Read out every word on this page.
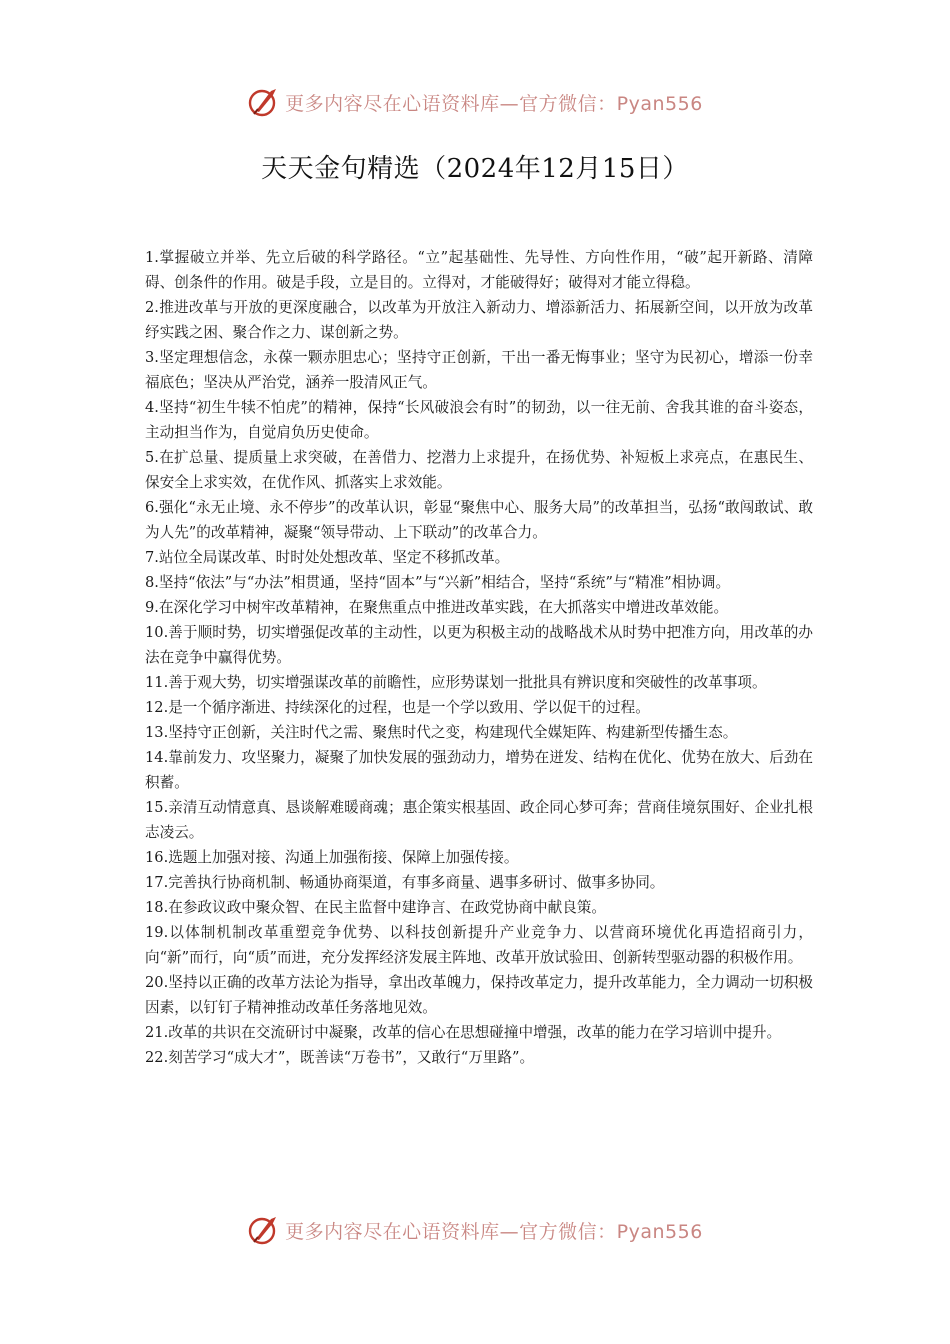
更多内容尽在心语资料库—官方微信：Pyan556
天天金句精选（2024年12月15日）

1.掌握破立并举、先立后破的科学路径。“立”起基础性、先导性、方向性作用，“破”起开新路、清障碍、创条件的作用。破是手段，立是目的。立得对，才能破得好；破得对才能立得稳。

2.推进改革与开放的更深度融合，以改革为开放注入新动力、增添新活力、拓展新空间，以开放为改革纾实践之困、聚合作之力、谋创新之势。

3.坚定理想信念，永葆一颗赤胆忠心；坚持守正创新，干出一番无悔事业；坚守为民初心，增添一份幸福底色；坚决从严治党，涵养一股清风正气。

4.坚持“初生牛犊不怕虎”的精神，保持“长风破浪会有时”的韧劲，以一往无前、舍我其谁的奋斗姿态，主动担当作为，自觉肩负历史使命。

5.在扩总量、提质量上求突破，在善借力、挖潜力上求提升，在扬优势、补短板上求亮点，在惠民生、保安全上求实效，在优作风、抓落实上求效能。

6.强化“永无止境、永不停步”的改革认识，彰显“聚焦中心、服务大局”的改革担当，弘扬“敢闯敢试、敢为人先”的改革精神，凝聚“领导带动、上下联动”的改革合力。

7.站位全局谋改革、时时处处想改革、坚定不移抓改革。

8.坚持“依法”与“办法”相贯通，坚持“固本”与“兴新”相结合，坚持“系统”与“精准”相协调。

9.在深化学习中树牢改革精神，在聚焦重点中推进改革实践，在大抓落实中增进改革效能。

10.善于顺时势，切实增强促改革的主动性，以更为积极主动的战略战术从时势中把准方向，用改革的办法在竞争中赢得优势。

11.善于观大势，切实增强谋改革的前瞻性，应形势谋划一批批具有辨识度和突破性的改革事项。

12.是一个循序渐进、持续深化的过程，也是一个学以致用、学以促干的过程。

13.坚持守正创新，关注时代之需、聚焦时代之变，构建现代全媒矩阵、构建新型传播生态。

14.靠前发力、攻坚聚力，凝聚了加快发展的强劲动力，增势在迸发、结构在优化、优势在放大、后劲在积蓄。

15.亲清互动情意真、恳谈解难暖商魂；惠企策实根基固、政企同心梦可奔；营商佳境氛围好、企业扎根志凌云。

16.选题上加强对接、沟通上加强衔接、保障上加强传接。

17.完善执行协商机制、畅通协商渠道，有事多商量、遇事多研讨、做事多协同。

18.在参政议政中聚众智、在民主监督中建诤言、在政党协商中献良策。

19.以体制机制改革重塑竞争优势、以科技创新提升产业竞争力、以营商环境优化再造招商引力，向“新”而行，向“质”而进，充分发挥经济发展主阵地、改革开放试验田、创新转型驱动器的积极作用。

20.坚持以正确的改革方法论为指导，拿出改革魄力，保持改革定力，提升改革能力，全力调动一切积极因素，以钉钉子精神推动改革任务落地见效。

21.改革的共识在交流研讨中凝聚，改革的信心在思想碰撞中增强，改革的能力在学习培训中提升。

22.刻苦学习“成大才”，既善读“万卷书”，又敢行“万里路”。

更多内容尽在心语资料库—官方微信：Pyan556
